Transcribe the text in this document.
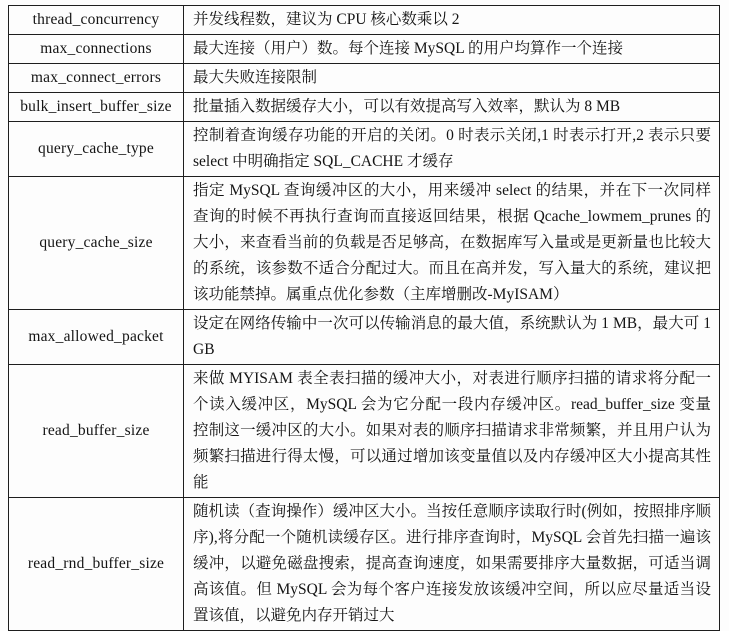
thread_concurrency	并发线程数，建议为 CPU 核心数乘以 2
max_connections	最大连接（用户）数。每个连接 MySQL 的用户均算作一个连接
max_connect_errors	最大失败连接限制
bulk_insert_buffer_size	批量插入数据缓存大小，可以有效提高写入效率，默认为 8 MB
query_cache_type	控制着查询缓存功能的开启的关闭。0 时表示关闭,1 时表示打开,2 表示只要 select 中明确指定 SQL_CACHE 才缓存
query_cache_size	指定 MySQL 查询缓冲区的大小，用来缓冲 select 的结果，并在下一次同样查询的时候不再执行查询而直接返回结果，根据 Qcache_lowmem_prunes 的大小，来查看当前的负载是否足够高，在数据库写入量或是更新量也比较大的系统，该参数不适合分配过大。而且在高并发，写入量大的系统，建议把该功能禁掉。属重点优化参数（主库增删改-MyISAM）
max_allowed_packet	设定在网络传输中一次可以传输消息的最大值，系统默认为 1 MB，最大可 1 GB
read_buffer_size	来做 MYISAM 表全表扫描的缓冲大小，对表进行顺序扫描的请求将分配一个读入缓冲区，MySQL 会为它分配一段内存缓冲区。read_buffer_size 变量控制这一缓冲区的大小。如果对表的顺序扫描请求非常频繁，并且用户认为频繁扫描进行得太慢，可以通过增加该变量值以及内存缓冲区大小提高其性能
read_rnd_buffer_size	随机读（查询操作）缓冲区大小。当按任意顺序读取行时(例如，按照排序顺序),将分配一个随机读缓存区。进行排序查询时，MySQL 会首先扫描一遍该缓冲，以避免磁盘搜索，提高查询速度，如果需要排序大量数据，可适当调高该值。但 MySQL 会为每个客户连接发放该缓冲空间，所以应尽量适当设置该值，以避免内存开销过大
